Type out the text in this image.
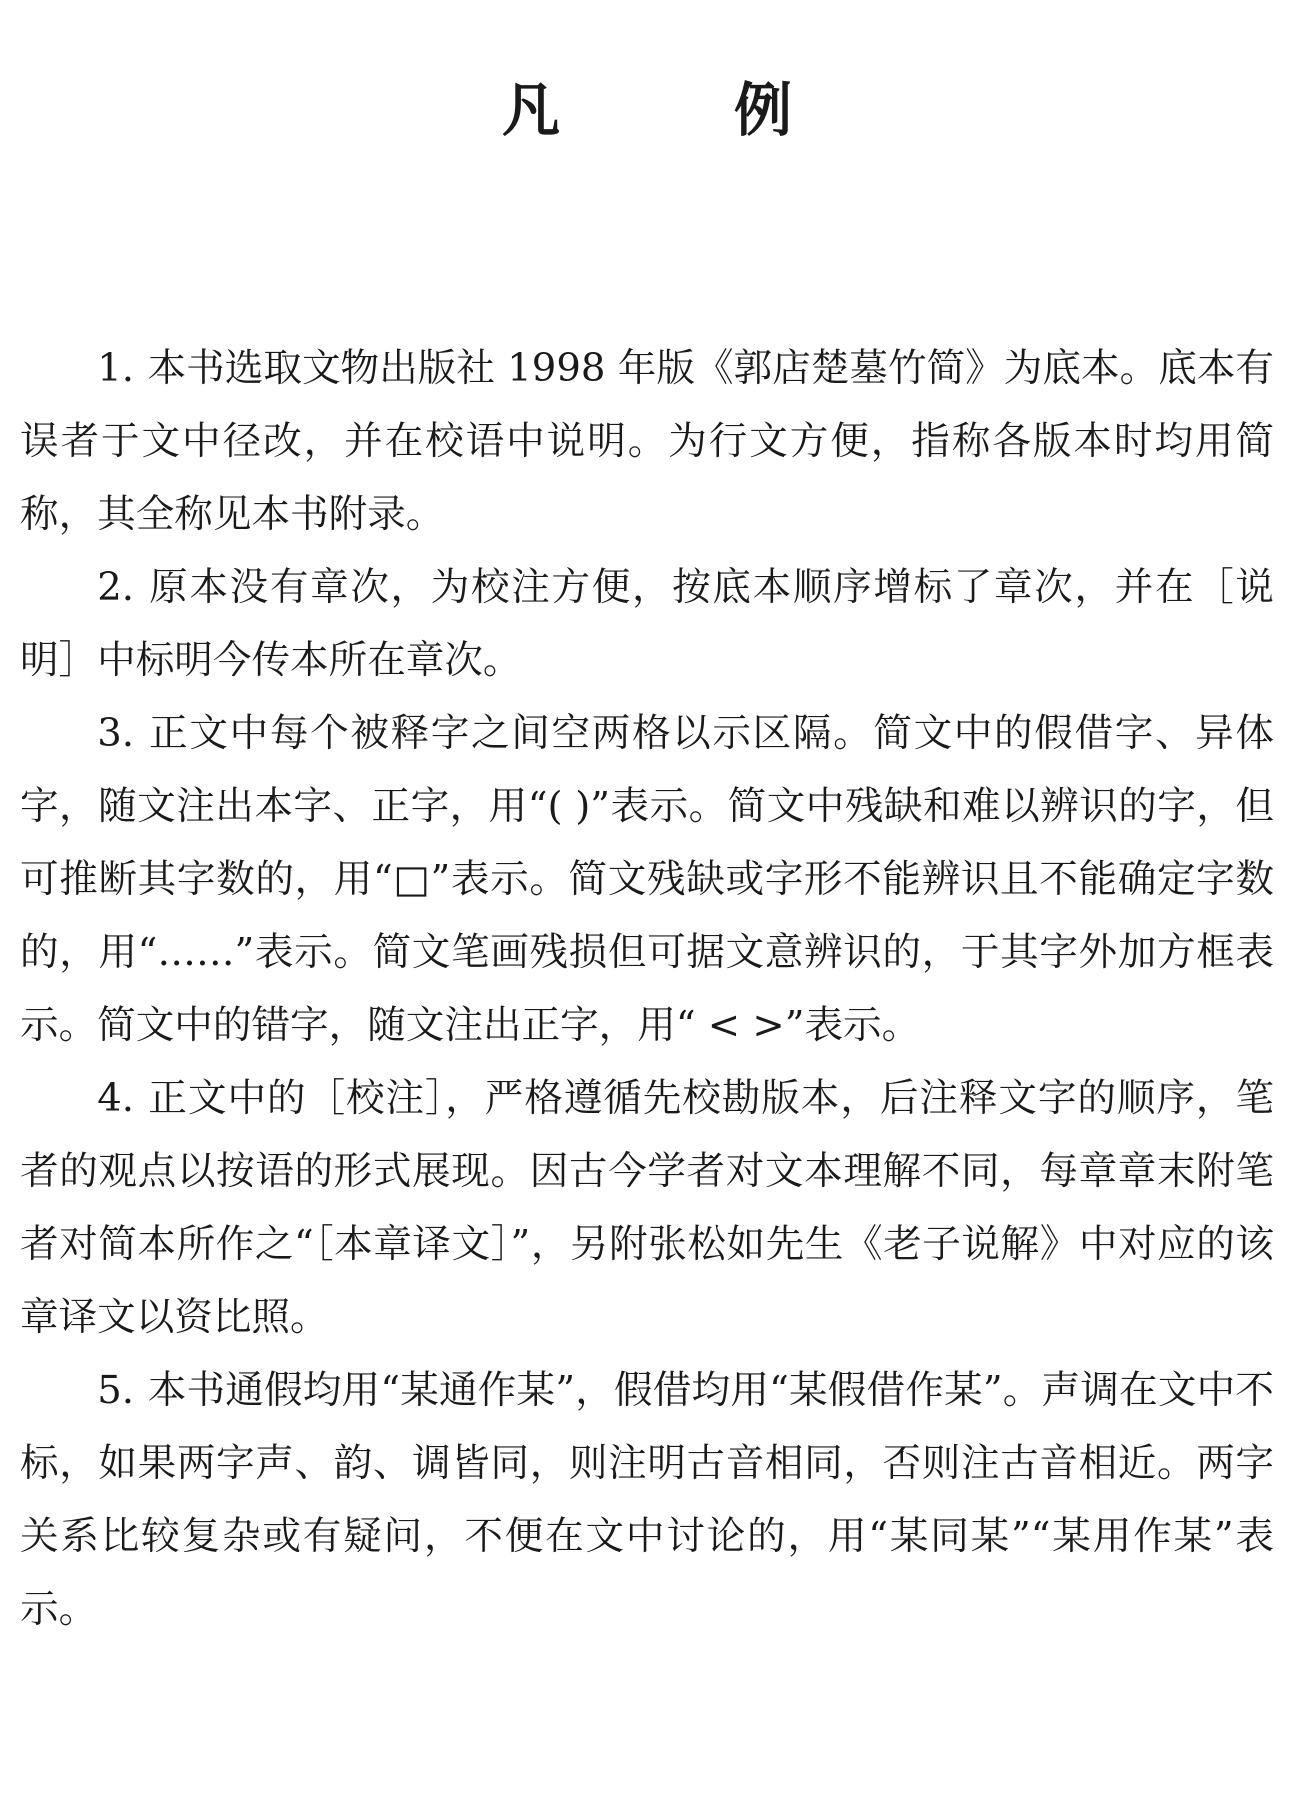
凡　例

1. 本书选取文物出版社 1998 年版《郭店楚墓竹简》为底本。底本有误者于文中径改，并在校语中说明。为行文方便，指称各版本时均用简称，其全称见本书附录。

2. 原本没有章次，为校注方便，按底本顺序增标了章次，并在［说明］中标明今传本所在章次。

3. 正文中每个被释字之间空两格以示区隔。简文中的假借字、异体字，随文注出本字、正字，用“( )”表示。简文中残缺和难以辨识的字，但可推断其字数的，用“□”表示。简文残缺或字形不能辨识且不能确定字数的，用“……”表示。简文笔画残损但可据文意辨识的，于其字外加方框表示。简文中的错字，随文注出正字，用“ < >”表示。

4. 正文中的［校注］，严格遵循先校勘版本，后注释文字的顺序，笔者的观点以按语的形式展现。因古今学者对文本理解不同，每章章末附笔者对简本所作之“［本章译文］”，另附张松如先生《老子说解》中对应的该章译文以资比照。

5. 本书通假均用“某通作某”，假借均用“某假借作某”。声调在文中不标，如果两字声、韵、调皆同，则注明古音相同，否则注古音相近。两字关系比较复杂或有疑问，不便在文中讨论的，用“某同某”“某用作某”表示。
